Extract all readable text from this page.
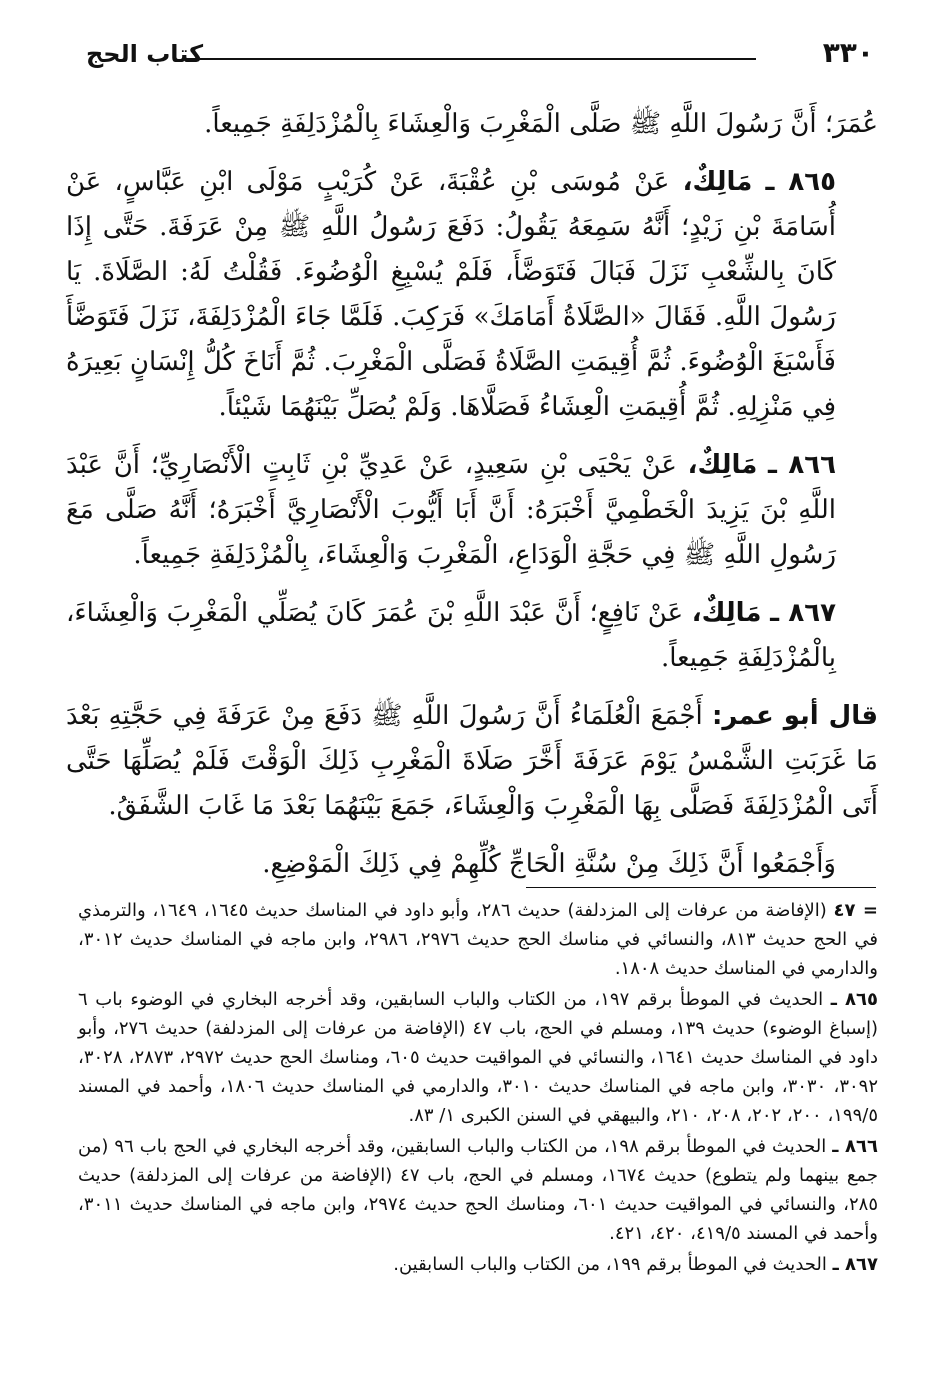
٣٣٠
كتاب الحج

عُمَرَ؛ أَنَّ رَسُولَ اللَّهِ ﷺ صَلَّى الْمَغْرِبَ وَالْعِشَاءَ بِالْمُزْدَلِفَةِ جَمِيعاً.

٨٦٥ ـ مَالِكٌ، عَنْ مُوسَى بْنِ عُقْبَةَ، عَنْ كُرَيْبٍ مَوْلَى ابْنِ عَبَّاسٍ، عَنْ أُسَامَةَ بْنِ زَيْدٍ؛ أَنَّهُ سَمِعَهُ يَقُولُ: دَفَعَ رَسُولُ اللَّهِ ﷺ مِنْ عَرَفَةَ. حَتَّى إِذَا كَانَ بِالشِّعْبِ نَزَلَ فَبَالَ فَتَوَضَّأَ، فَلَمْ يُسْبِغِ الْوُضُوءَ. فَقُلْتُ لَهُ: الصَّلَاةَ. يَا رَسُولَ اللَّهِ. فَقَالَ «الصَّلَاةُ أَمَامَكَ» فَرَكِبَ. فَلَمَّا جَاءَ الْمُزْدَلِفَةَ، نَزَلَ فَتَوَضَّأَ فَأَسْبَغَ الْوُضُوءَ. ثُمَّ أُقِيمَتِ الصَّلَاةُ فَصَلَّى الْمَغْرِبَ. ثُمَّ أَنَاخَ كُلُّ إِنْسَانٍ بَعِيرَهُ فِي مَنْزِلِهِ. ثُمَّ أُقِيمَتِ الْعِشَاءُ فَصَلَّاهَا. وَلَمْ يُصَلِّ بَيْنَهُمَا شَيْئاً.

٨٦٦ ـ مَالِكٌ، عَنْ يَحْيَى بْنِ سَعِيدٍ، عَنْ عَدِيِّ بْنِ ثَابِتٍ الْأَنْصَارِيِّ؛ أَنَّ عَبْدَ اللَّهِ بْنَ يَزِيدَ الْخَطْمِيَّ أَخْبَرَهُ: أَنَّ أَبَا أَيُّوبَ الْأَنْصَارِيَّ أَخْبَرَهُ؛ أَنَّهُ صَلَّى مَعَ رَسُولِ اللَّهِ ﷺ فِي حَجَّةِ الْوَدَاعِ، الْمَغْرِبَ وَالْعِشَاءَ، بِالْمُزْدَلِفَةِ جَمِيعاً.

٨٦٧ ـ مَالِكٌ، عَنْ نَافِعٍ؛ أَنَّ عَبْدَ اللَّهِ بْنَ عُمَرَ كَانَ يُصَلِّي الْمَغْرِبَ وَالْعِشَاءَ، بِالْمُزْدَلِفَةِ جَمِيعاً.

قال أبو عمر: أَجْمَعَ الْعُلَمَاءُ أَنَّ رَسُولَ اللَّهِ ﷺ دَفَعَ مِنْ عَرَفَةَ فِي حَجَّتِهِ بَعْدَ مَا غَرَبَتِ الشَّمْسُ يَوْمَ عَرَفَةَ أَخَّرَ صَلَاةَ الْمَغْرِبِ ذَلِكَ الْوَقْتَ فَلَمْ يُصَلِّهَا حَتَّى أَتَى الْمُزْدَلِفَةَ فَصَلَّى بِهَا الْمَغْرِبَ وَالْعِشَاءَ، جَمَعَ بَيْنَهُمَا بَعْدَ مَا غَابَ الشَّفَقُ.

وَأَجْمَعُوا أَنَّ ذَلِكَ مِنْ سُنَّةِ الْحَاجِّ كُلِّهِمْ فِي ذَلِكَ الْمَوْضِعِ.

= ٤٧ (الإفاضة من عرفات إلى المزدلفة) حديث ٢٨٦، وأبو داود في المناسك حديث ١٦٤٥، ١٦٤٩، والترمذي في الحج حديث ٨١٣، والنسائي في مناسك الحج حديث ٢٩٧٦، ٢٩٨٦، وابن ماجه في المناسك حديث ٣٠١٢، والدارمي في المناسك حديث ١٨٠٨.

٨٦٥ ـ الحديث في الموطأ برقم ١٩٧، من الكتاب والباب السابقين، وقد أخرجه البخاري في الوضوء باب ٦ (إسباغ الوضوء) حديث ١٣٩، ومسلم في الحج، باب ٤٧ (الإفاضة من عرفات إلى المزدلفة) حديث ٢٧٦، وأبو داود في المناسك حديث ١٦٤١، والنسائي في المواقيت حديث ٦٠٥، ومناسك الحج حديث ٢٩٧٢، ٢٨٧٣، ٣٠٢٨، ٣٠٩٢، ٣٠٣٠، وابن ماجه في المناسك حديث ٣٠١٠، والدارمي في المناسك حديث ١٨٠٦، وأحمد في المسند ١٩٩/٥، ٢٠٠، ٢٠٢، ٢٠٨، ٢١٠، والبيهقي في السنن الكبرى ١/ ٨٣.

٨٦٦ ـ الحديث في الموطأ برقم ١٩٨، من الكتاب والباب السابقين، وقد أخرجه البخاري في الحج باب ٩٦ (من جمع بينهما ولم يتطوع) حديث ١٦٧٤، ومسلم في الحج، باب ٤٧ (الإفاضة من عرفات إلى المزدلفة) حديث ٢٨٥، والنسائي في المواقيت حديث ٦٠١، ومناسك الحج حديث ٢٩٧٤، وابن ماجه في المناسك حديث ٣٠١١، وأحمد في المسند ٤١٩/٥، ٤٢٠، ٤٢١.

٨٦٧ ـ الحديث في الموطأ برقم ١٩٩، من الكتاب والباب السابقين.
